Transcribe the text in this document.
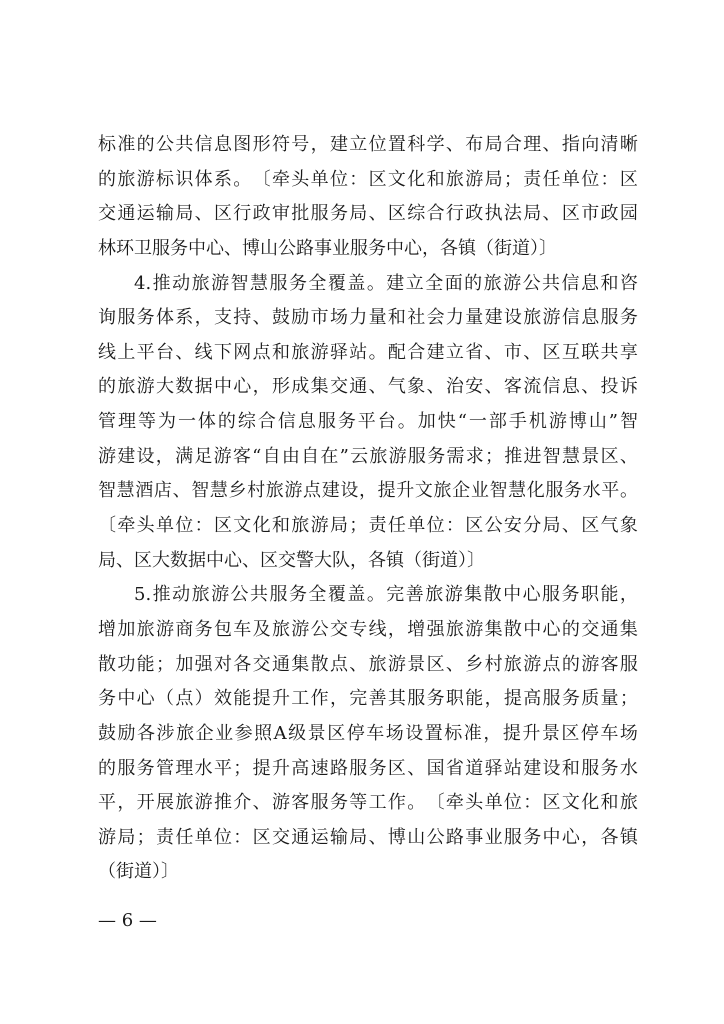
标 准 的 公 共 信 息 图 形 符 号 ， 建 立 位 置 科 学 、 布 局 合 理 、 指 向 清 晰
的 旅 游 标 识 体 系 。 〔 牵 头 单 位 ： 区 文 化 和 旅 游 局 ； 责 任 单 位 ： 区
交 通 运 输 局 、 区 行 政 审 批 服 务 局 、 区 综 合 行 政 执 法 局 、 区 市 政 园
林环卫服务中心、博山公路事业服务中心，各镇（街道）〕
4. 推 动 旅 游 智 慧 服 务 全 覆 盖 。 建 立 全 面 的 旅 游 公 共 信 息 和 咨
询 服 务 体 系 ， 支 持 、 鼓 励 市 场 力 量 和 社 会 力 量 建 设 旅 游 信 息 服 务
线 上 平 台 、 线 下 网 点 和 旅 游 驿 站 。 配 合 建 立 省 、 市 、 区 互 联 共 享
的 旅 游 大 数 据 中 心 ， 形 成 集 交 通 、 气 象 、 治 安 、 客 流 信 息 、 投 诉
管 理 等 为 一 体 的 综 合 信 息 服 务 平 台 。 加 快 “ 一 部 手 机 游 博 山 ” 智
游 建 设 ， 满 足 游 客 “ 自 由 自 在 ” 云 旅 游 服 务 需 求 ； 推 进 智 慧 景 区 、
智 慧 酒 店 、 智 慧 乡 村 旅 游 点 建 设 ， 提 升 文 旅 企 业 智 慧 化 服 务 水 平 。
〔 牵 头 单 位 ： 区 文 化 和 旅 游 局 ； 责 任 单 位 ： 区 公 安 分 局 、 区 气 象
局、区大数据中心、区交警大队，各镇（街道）〕
5. 推 动 旅 游 公 共 服 务 全 覆 盖 。 完 善 旅 游 集 散 中 心 服 务 职 能 ，
增 加 旅 游 商 务 包 车 及 旅 游 公 交 专 线 ， 增 强 旅 游 集 散 中 心 的 交 通 集
散 功 能 ； 加 强 对 各 交 通 集 散 点 、 旅 游 景 区 、 乡 村 旅 游 点 的 游 客 服
务 中 心 （ 点 ） 效 能 提 升 工 作 ， 完 善 其 服 务 职 能 ， 提 高 服 务 质 量 ；
鼓 励 各 涉 旅 企 业 参 照 A 级 景 区 停 车 场 设 置 标 准 ， 提 升 景 区 停 车 场
的 服 务 管 理 水 平 ； 提 升 高 速 路 服 务 区 、 国 省 道 驿 站 建 设 和 服 务 水
平 ， 开 展 旅 游 推 介 、 游 客 服 务 等 工 作 。 〔 牵 头 单 位 ： 区 文 化 和 旅
游 局 ； 责 任 单 位 ： 区 交 通 运 输 局 、 博 山 公 路 事 业 服 务 中 心 ， 各 镇
（街道）〕
— 6 —
